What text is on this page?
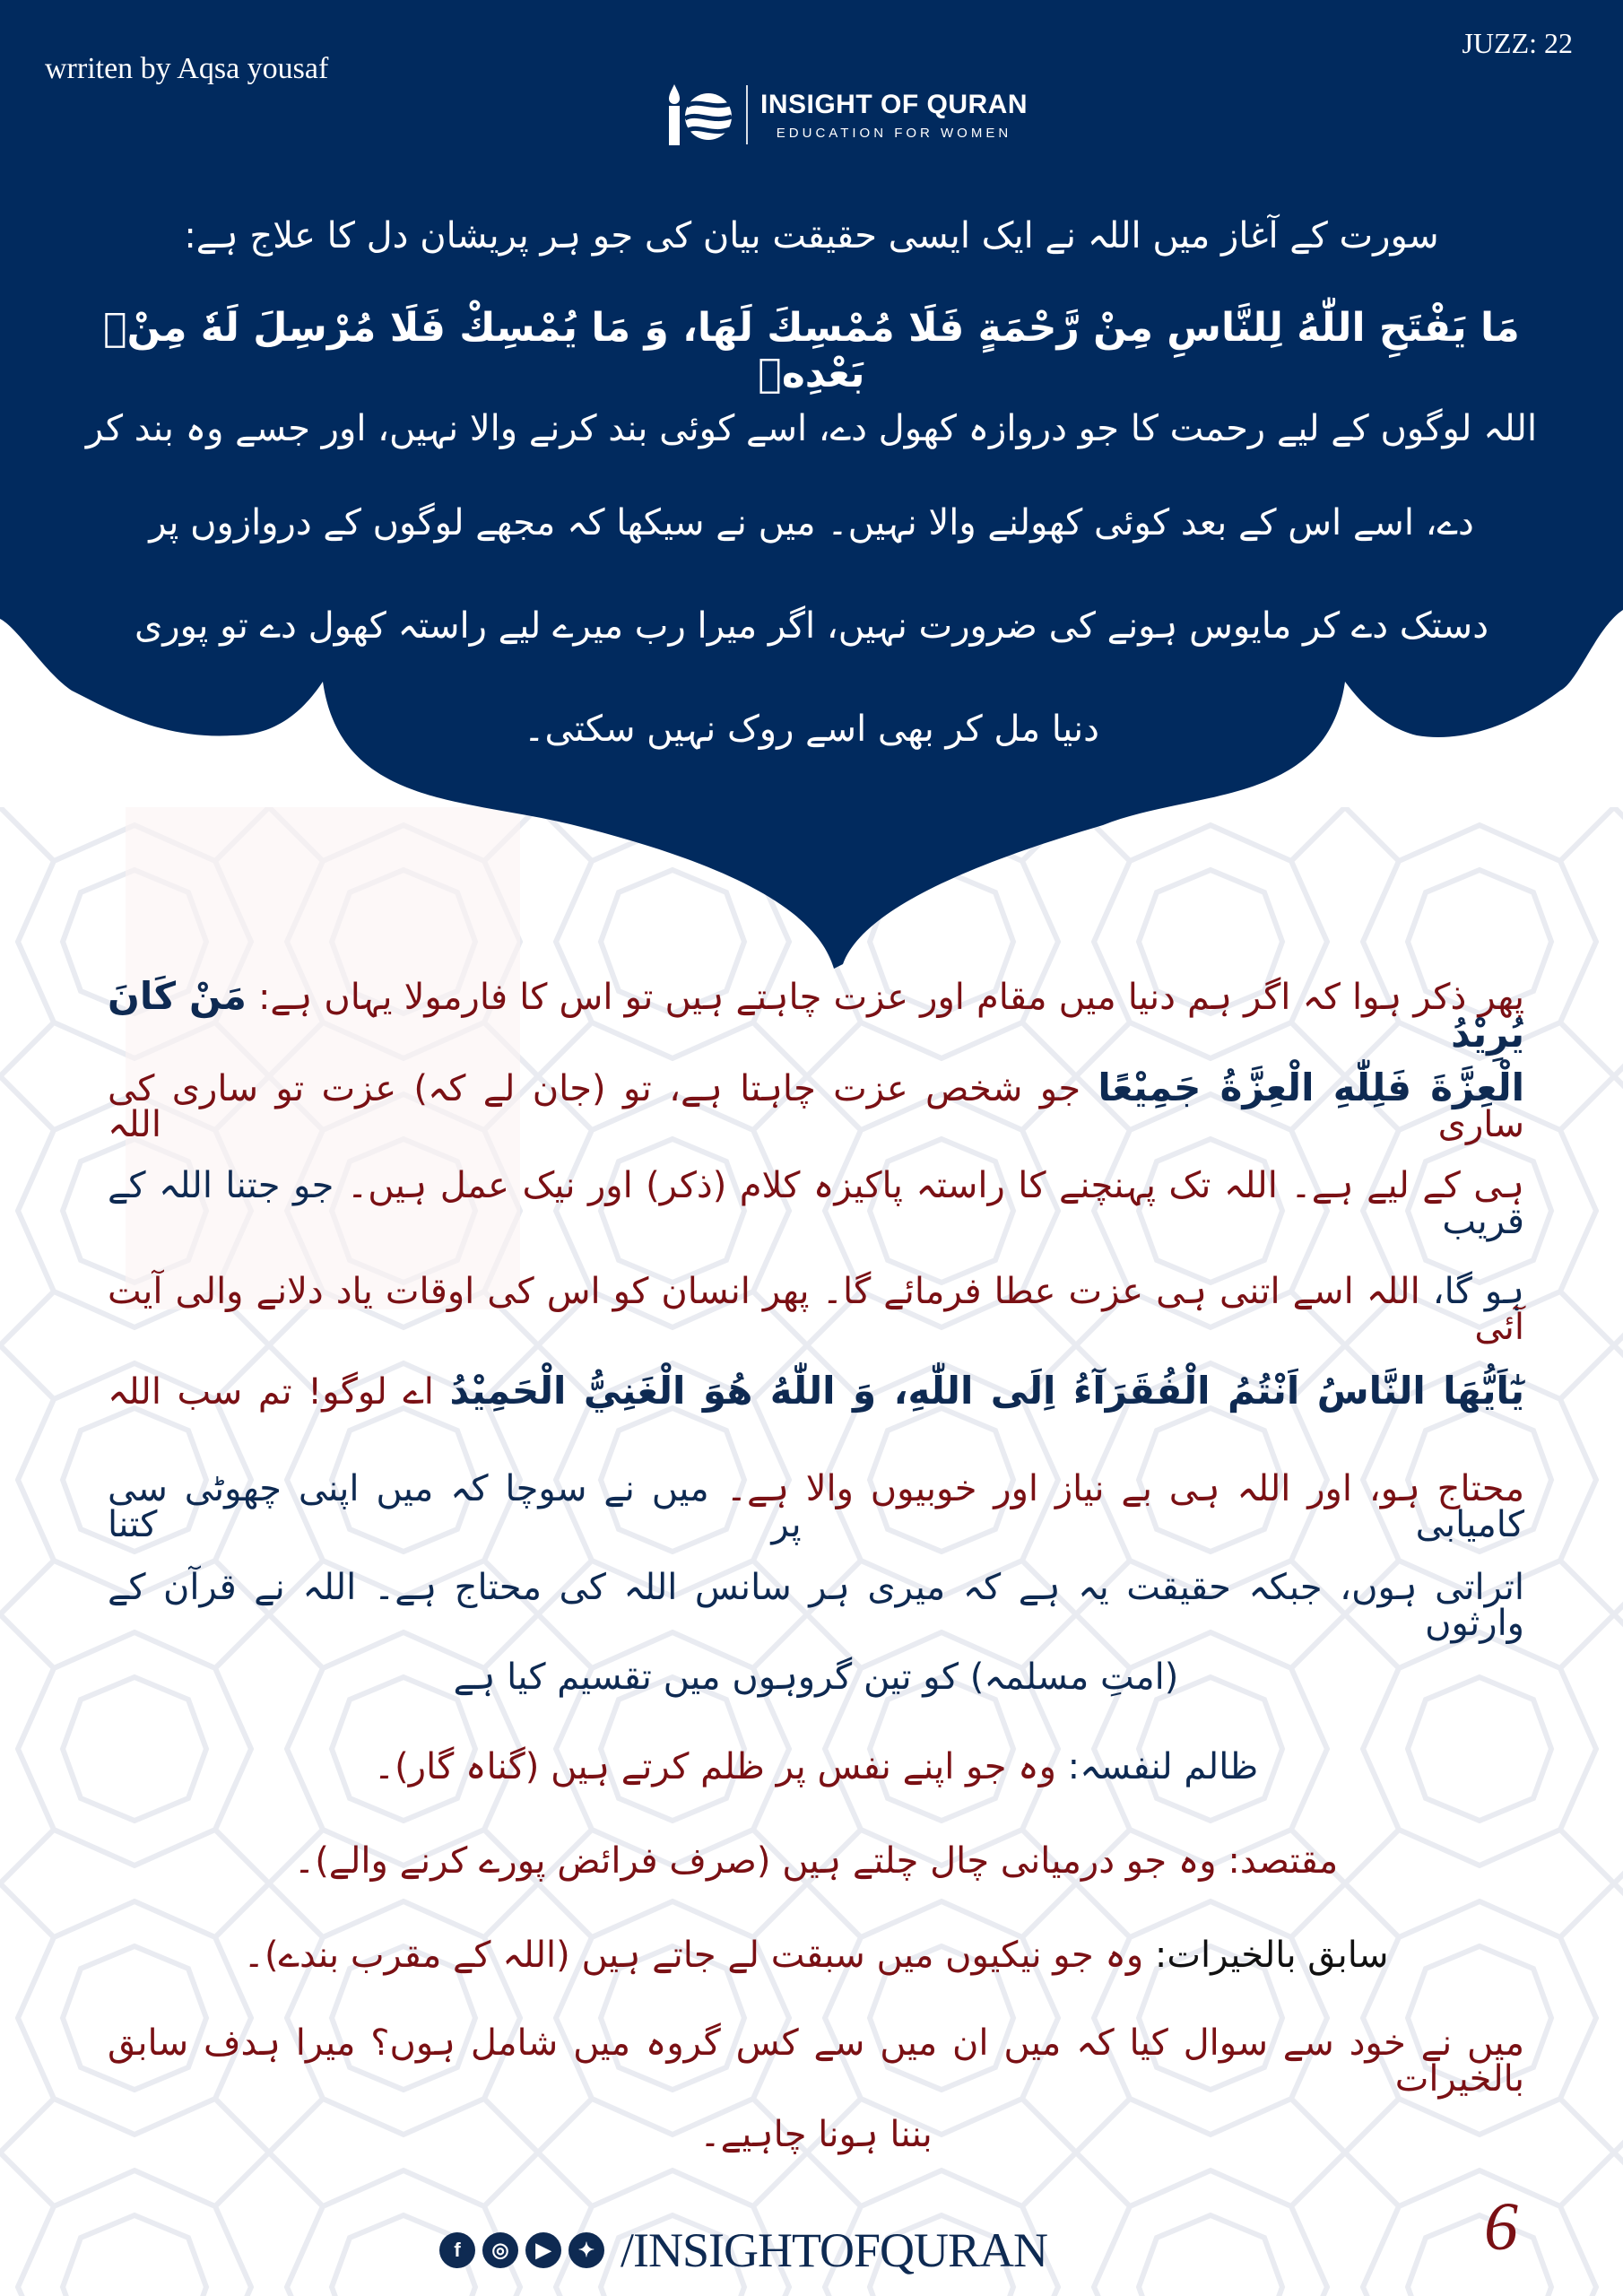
wrriten by Aqsa yousaf
JUZZ: 22
INSIGHT OF QURAN
EDUCATION FOR WOMEN
سورت کے آغاز میں اللہ نے ایک ایسی حقیقت بیان کی جو ہر پریشان دل کا علاج ہے:
مَا يَفْتَحِ اللّٰهُ لِلنَّاسِ مِنْ رَّحْمَةٍ فَلَا مُمْسِكَ لَهَا، وَ مَا يُمْسِكْ فَلَا مُرْسِلَ لَهٗ مِنْۢ بَعْدِهٖ
اللہ لوگوں کے لیے رحمت کا جو دروازہ کھول دے، اسے کوئی بند کرنے والا نہیں، اور جسے وہ بند کر
دے، اسے اس کے بعد کوئی کھولنے والا نہیں۔ میں نے سیکھا کہ مجھے لوگوں کے دروازوں پر
دستک دے کر مایوس ہونے کی ضرورت نہیں، اگر میرا رب میرے لیے راستہ کھول دے تو پوری
دنیا مل کر بھی اسے روک نہیں سکتی۔
پھر ذکر ہوا کہ اگر ہم دنیا میں مقام اور عزت چاہتے ہیں تو اس کا فارمولا یہاں ہے: مَنْ كَانَ يُرِيْدُ
الْعِزَّةَ فَلِلّٰهِ الْعِزَّةُ جَمِيْعًا جو شخص عزت چاہتا ہے، تو (جان لے کہ) عزت تو ساری کی ساری اللہ
ہی کے لیے ہے۔ اللہ تک پہنچنے کا راستہ پاکیزہ کلام (ذکر) اور نیک عمل ہیں۔ جو جتنا اللہ کے قریب
ہو گا، اللہ اسے اتنی ہی عزت عطا فرمائے گا۔ پھر انسان کو اس کی اوقات یاد دلانے والی آیت آئی
يٰٓاَيُّهَا النَّاسُ اَنْتُمُ الْفُقَرَآءُ اِلَى اللّٰهِ، وَ اللّٰهُ هُوَ الْغَنِيُّ الْحَمِيْدُ اے لوگو! تم سب اللہ
محتاج ہو، اور اللہ ہی بے نیاز اور خوبیوں والا ہے۔ میں نے سوچا کہ میں اپنی چھوٹی سی کامیابی پر کتنا
اتراتی ہوں، جبکہ حقیقت یہ ہے کہ میری ہر سانس اللہ کی محتاج ہے۔ اللہ نے قرآن کے وارثوں
(امتِ مسلمہ) کو تین گروہوں میں تقسیم کیا ہے
ظالم لنفسہ: وہ جو اپنے نفس پر ظلم کرتے ہیں (گناہ گار)۔
مقتصد: وہ جو درمیانی چال چلتے ہیں (صرف فرائض پورے کرنے والے)۔
سابق بالخیرات: وہ جو نیکیوں میں سبقت لے جاتے ہیں (اللہ کے مقرب بندے)۔
میں نے خود سے سوال کیا کہ میں ان میں سے کس گروہ میں شامل ہوں؟ میرا ہدف سابق بالخیرات
بننا ہونا چاہیے۔
f	◎	▶	✦ /INSIGHTOFQURAN	6
